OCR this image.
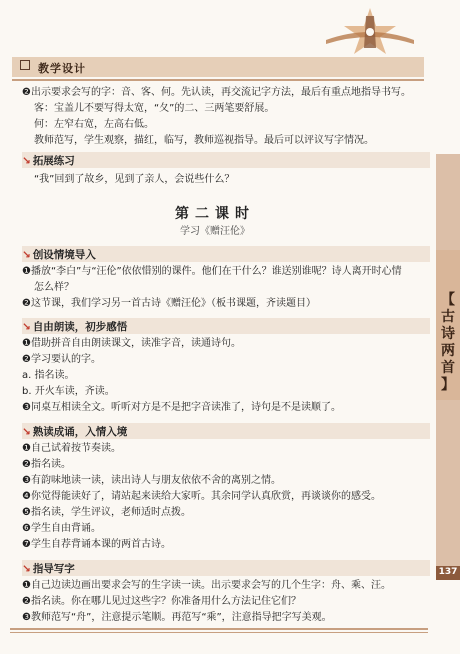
教学设计
【
古诗两首
】
137
❷出示要求会写的字：音、客、何。先认读，再交流记字方法，最后有重点地指导书写。
客：宝盖儿不要写得太宽，“夂”的二、三两笔要舒展。
何：左窄右宽，左高右低。
教师范写，学生观察，描红，临写，教师巡视指导。最后可以评议写字情况。
↘ 拓展练习
“我”回到了故乡，见到了亲人，会说些什么？
第二课时
学习《赠汪伦》
↘ 创设情境导入
❶播放“李白”与“汪伦”依依惜别的课件。他们在干什么？谁送别谁呢？诗人离开时心情
怎么样？
❷这节课，我们学习另一首古诗《赠汪伦》（板书课题，齐读题目）
↘ 自由朗读，初步感悟
❶借助拼音自由朗读课文，读准字音，读通诗句。
❷学习要认的字。
a. 指名读。
b. 开火车读，齐读。
❸同桌互相读全文。听听对方是不是把字音读准了，诗句是不是读顺了。
↘ 熟读成诵，入情入境
❶自己试着按节奏读。
❷指名读。
❸有韵味地读一读，读出诗人与朋友依依不舍的离别之情。
❹你觉得能读好了，请站起来读给大家听。其余同学认真欣赏，再谈谈你的感受。
❺指名读，学生评议，老师适时点拨。
❻学生自由背诵。
❼学生自荐背诵本课的两首古诗。
↘ 指导写字
❶自己边读边画出要求会写的生字读一读。出示要求会写的几个生字：舟、乘、汪。
❷指名读。你在哪儿见过这些字？你准备用什么方法记住它们？
❸教师范写“舟”，注意提示笔顺。再范写“乘”，注意指导把字写美观。
